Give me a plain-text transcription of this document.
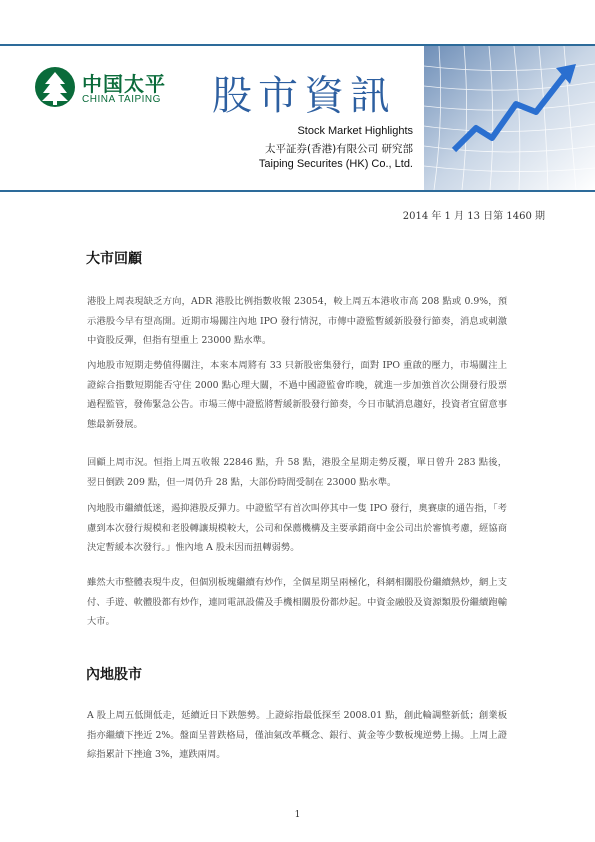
中国太平
CHINA TAIPING 股市資訊
Stock Market Highlights
太平証券(香港)有限公司 研究部
Taiping Securites (HK) Co., Ltd.
2014 年 1 月 13 日第 1460 期
大市回顧
港股上周表現缺乏方向，ADR 港股比例指數收報 23054，較上周五本港收市高 208 點或 0.9%，預示港股今早有望高開。近期市場關注內地 IPO 發行情況，市傳中證監暫緩新股發行節奏，消息或刺激中資股反彈，但指有望重上 23000 點水準。
內地股市短期走勢值得關注，本來本周將有 33 只新股密集發行，面對 IPO 重啟的壓力，市場關注上證綜合指數短期能否守住 2000 點心理大關，不過中國證監會昨晚，就進一步加強首次公開發行股票過程監管，發佈緊急公告。市場三傳中證監將暫緩新股發行節奏，今日市賦消息趨好，投資者宜留意事態最新發展。
回顧上周市況。恒指上周五收報 22846 點，升 58 點，港股全星期走勢反覆，單日曾升 283 點後，翌日倒跌 209 點，但一周仍升 28 點，大部份時間受制在 23000 點水準。
內地股市繼續低迷，遏抑港股反彈力。中證監罕有首次叫停其中一隻 IPO 發行，奧賽康的通告指，「考慮到本次發行規模和老股轉讓規模較大，公司和保薦機構及主要承銷商中金公司出於審慎考慮，經協商決定暫緩本次發行。」惟內地 A 股未因而扭轉弱勢。
雖然大市整體表現牛皮，但個別板塊繼續有炒作，全個星期呈兩極化，科網相關股份繼續熱炒，網上支付、手遊、軟體股都有炒作，連同電訊設備及手機相關股份都炒起。中資金融股及資源類股份繼續跑輸大市。
內地股市
A 股上周五低開低走，延續近日下跌態勢。上證綜指最低探至 2008.01 點，創此輪調整新低；創業板指亦繼續下挫近 2%。盤面呈普跌格局，僅油氣改革概念、銀行、黃金等少數板塊逆勢上揚。上周上證綜指累計下挫逾 3%，連跌兩周。
1
